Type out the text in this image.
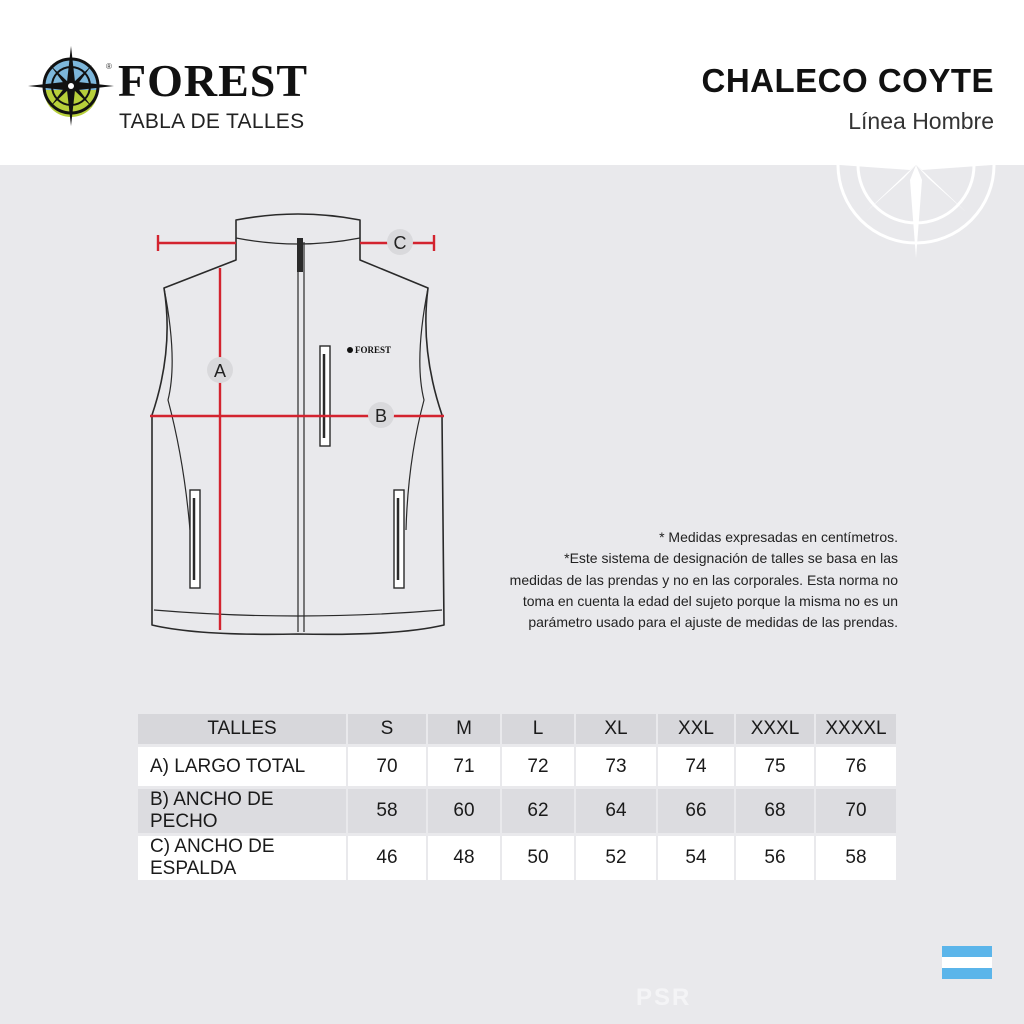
® FOREST
TABLA DE TALLES
CHALECO COYTE
Línea Hombre
FOREST
A
B
C
* Medidas expresadas en centímetros.
*Este sistema de designación de talles se basa en las
medidas de las prendas y no en las corporales. Esta norma no
toma en cuenta la edad del sujeto porque la misma no es un
parámetro usado para el ajuste de medidas de las prendas.
TALLES	S	M	L	XL	XXL	XXXL	XXXXL
A) LARGO TOTAL	70	71	72	73	74	75	76
B) ANCHO DE PECHO	58	60	62	64	66	68	70
C) ANCHO DE ESPALDA	46	48	50	52	54	56	58
PSR
